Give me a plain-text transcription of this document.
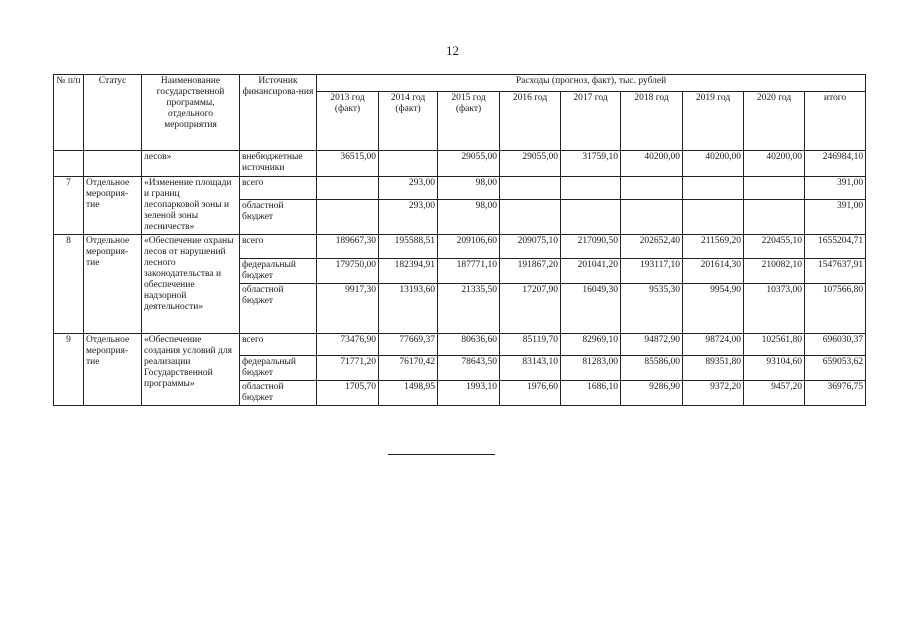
12
№ п/п	Статус	Наименование государственной программы, отдельного мероприятия	Источник финансирова-ния	Расходы (прогноз, факт), тыс. рублей								
				2013 год (факт)	2014 год (факт)	2015 год (факт)	2016 год	2017 год	2018 год	2019 год	2020 год	итого
		лесов»	внебюджетные источники	36515,00		29055,00	29055,00	31759,10	40200,00	40200,00	40200,00	246984,10
7	Отдельное мероприя-тие	«Изменение площади и границ лесопарковой зоны и зеленой зоны лесничеств»	всего		293,00	98,00						391,00
			областной бюджет		293,00	98,00						391,00
8	Отдельное мероприя-тие	«Обеспечение охраны лесов от нарушений лесного законодательства и обеспечение надзорной деятельности»	всего	189667,30	195588,51	209106,60	209075,10	217090,50	202652,40	211569,20	220455,10	1655204,71
			федеральный бюджет	179750,00	182394,91	187771,10	191867,20	201041,20	193117,10	201614,30	210082,10	1547637,91
			областной бюджет	9917,30	13193,60	21335,50	17207,90	16049,30	9535,30	9954,90	10373,00	107566,80
9	Отдельное мероприя-тие	«Обеспечение создания условий для реализации Государственной программы»	всего	73476,90	77669,37	80636,60	85119,70	82969,10	94872,90	98724,00	102561,80	696030,37
			федеральный бюджет	71771,20	76170,42	78643,50	83143,10	81283,00	85586,00	89351,80	93104,60	659053,62
			областной бюджет	1705,70	1498,95	1993,10	1976,60	1686,10	9286,90	9372,20	9457,20	36976,75
